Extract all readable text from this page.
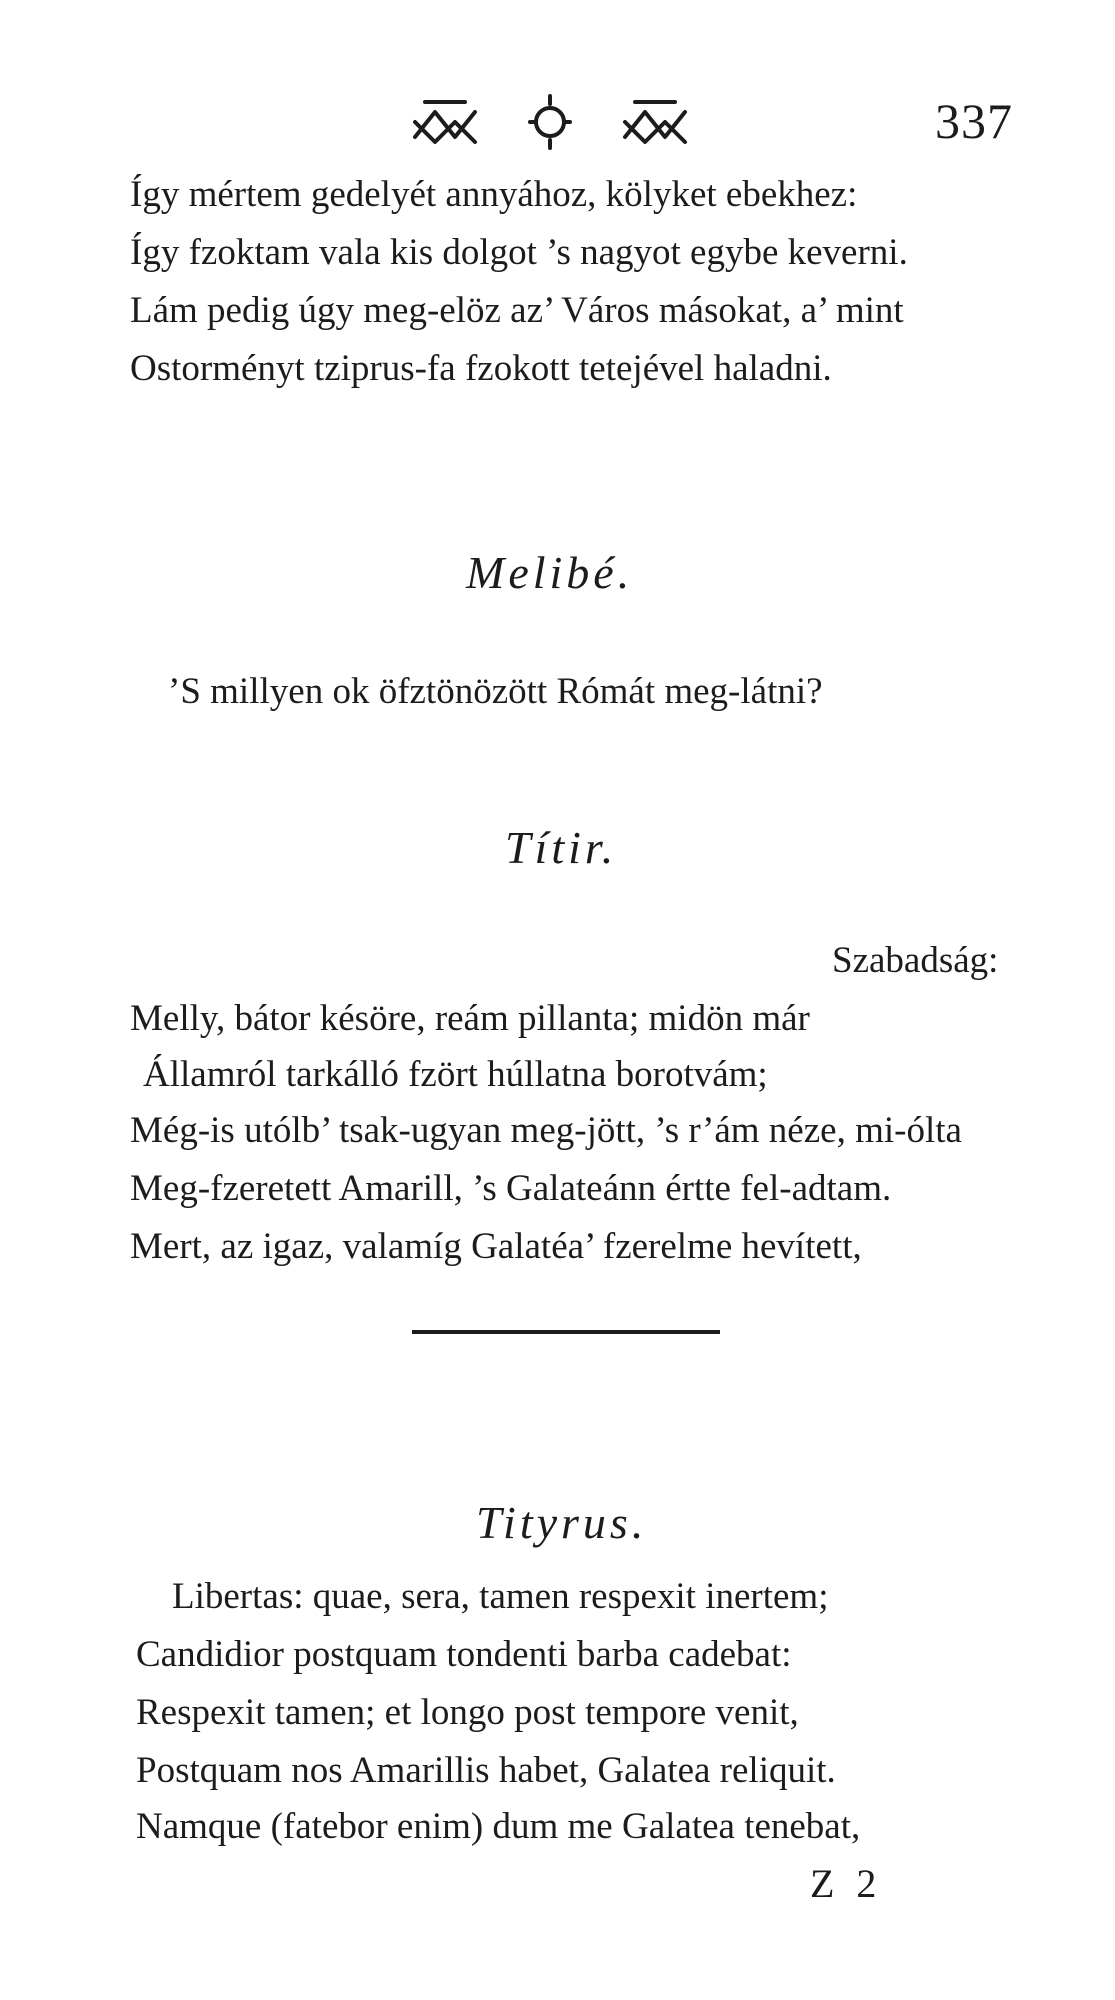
337
Így mértem gedelyét annyához, kölyket ebekhez:
Így fzoktam vala kis dolgot ’s nagyot egybe keverni.
Lám pedig úgy meg-elöz az’ Város másokat, a’ mint
Ostorményt tziprus-fa fzokott tetejével haladni.
Melibé.
’S millyen ok öfztönözött Rómát meg-látni?
Títir.
Szabadság:
Melly, bátor késöre, reám pillanta; midön már
Államról tarkálló fzört húllatna borotvám;
Még-is utólb’ tsak-ugyan meg-jött, ’s r’ám néze, mi-ólta
Meg-fzeretett Amarill, ’s Galateánn értte fel-adtam.
Mert, az igaz, valamíg Galatéa’ fzerelme hevített,
Tityrus.
Libertas: quae, sera, tamen respexit inertem;
Candidior postquam tondenti barba cadebat:
Respexit tamen; et longo post tempore venit,
Postquam nos Amarillis habet, Galatea reliquit.
Namque (fatebor enim) dum me Galatea tenebat,
Z 2
